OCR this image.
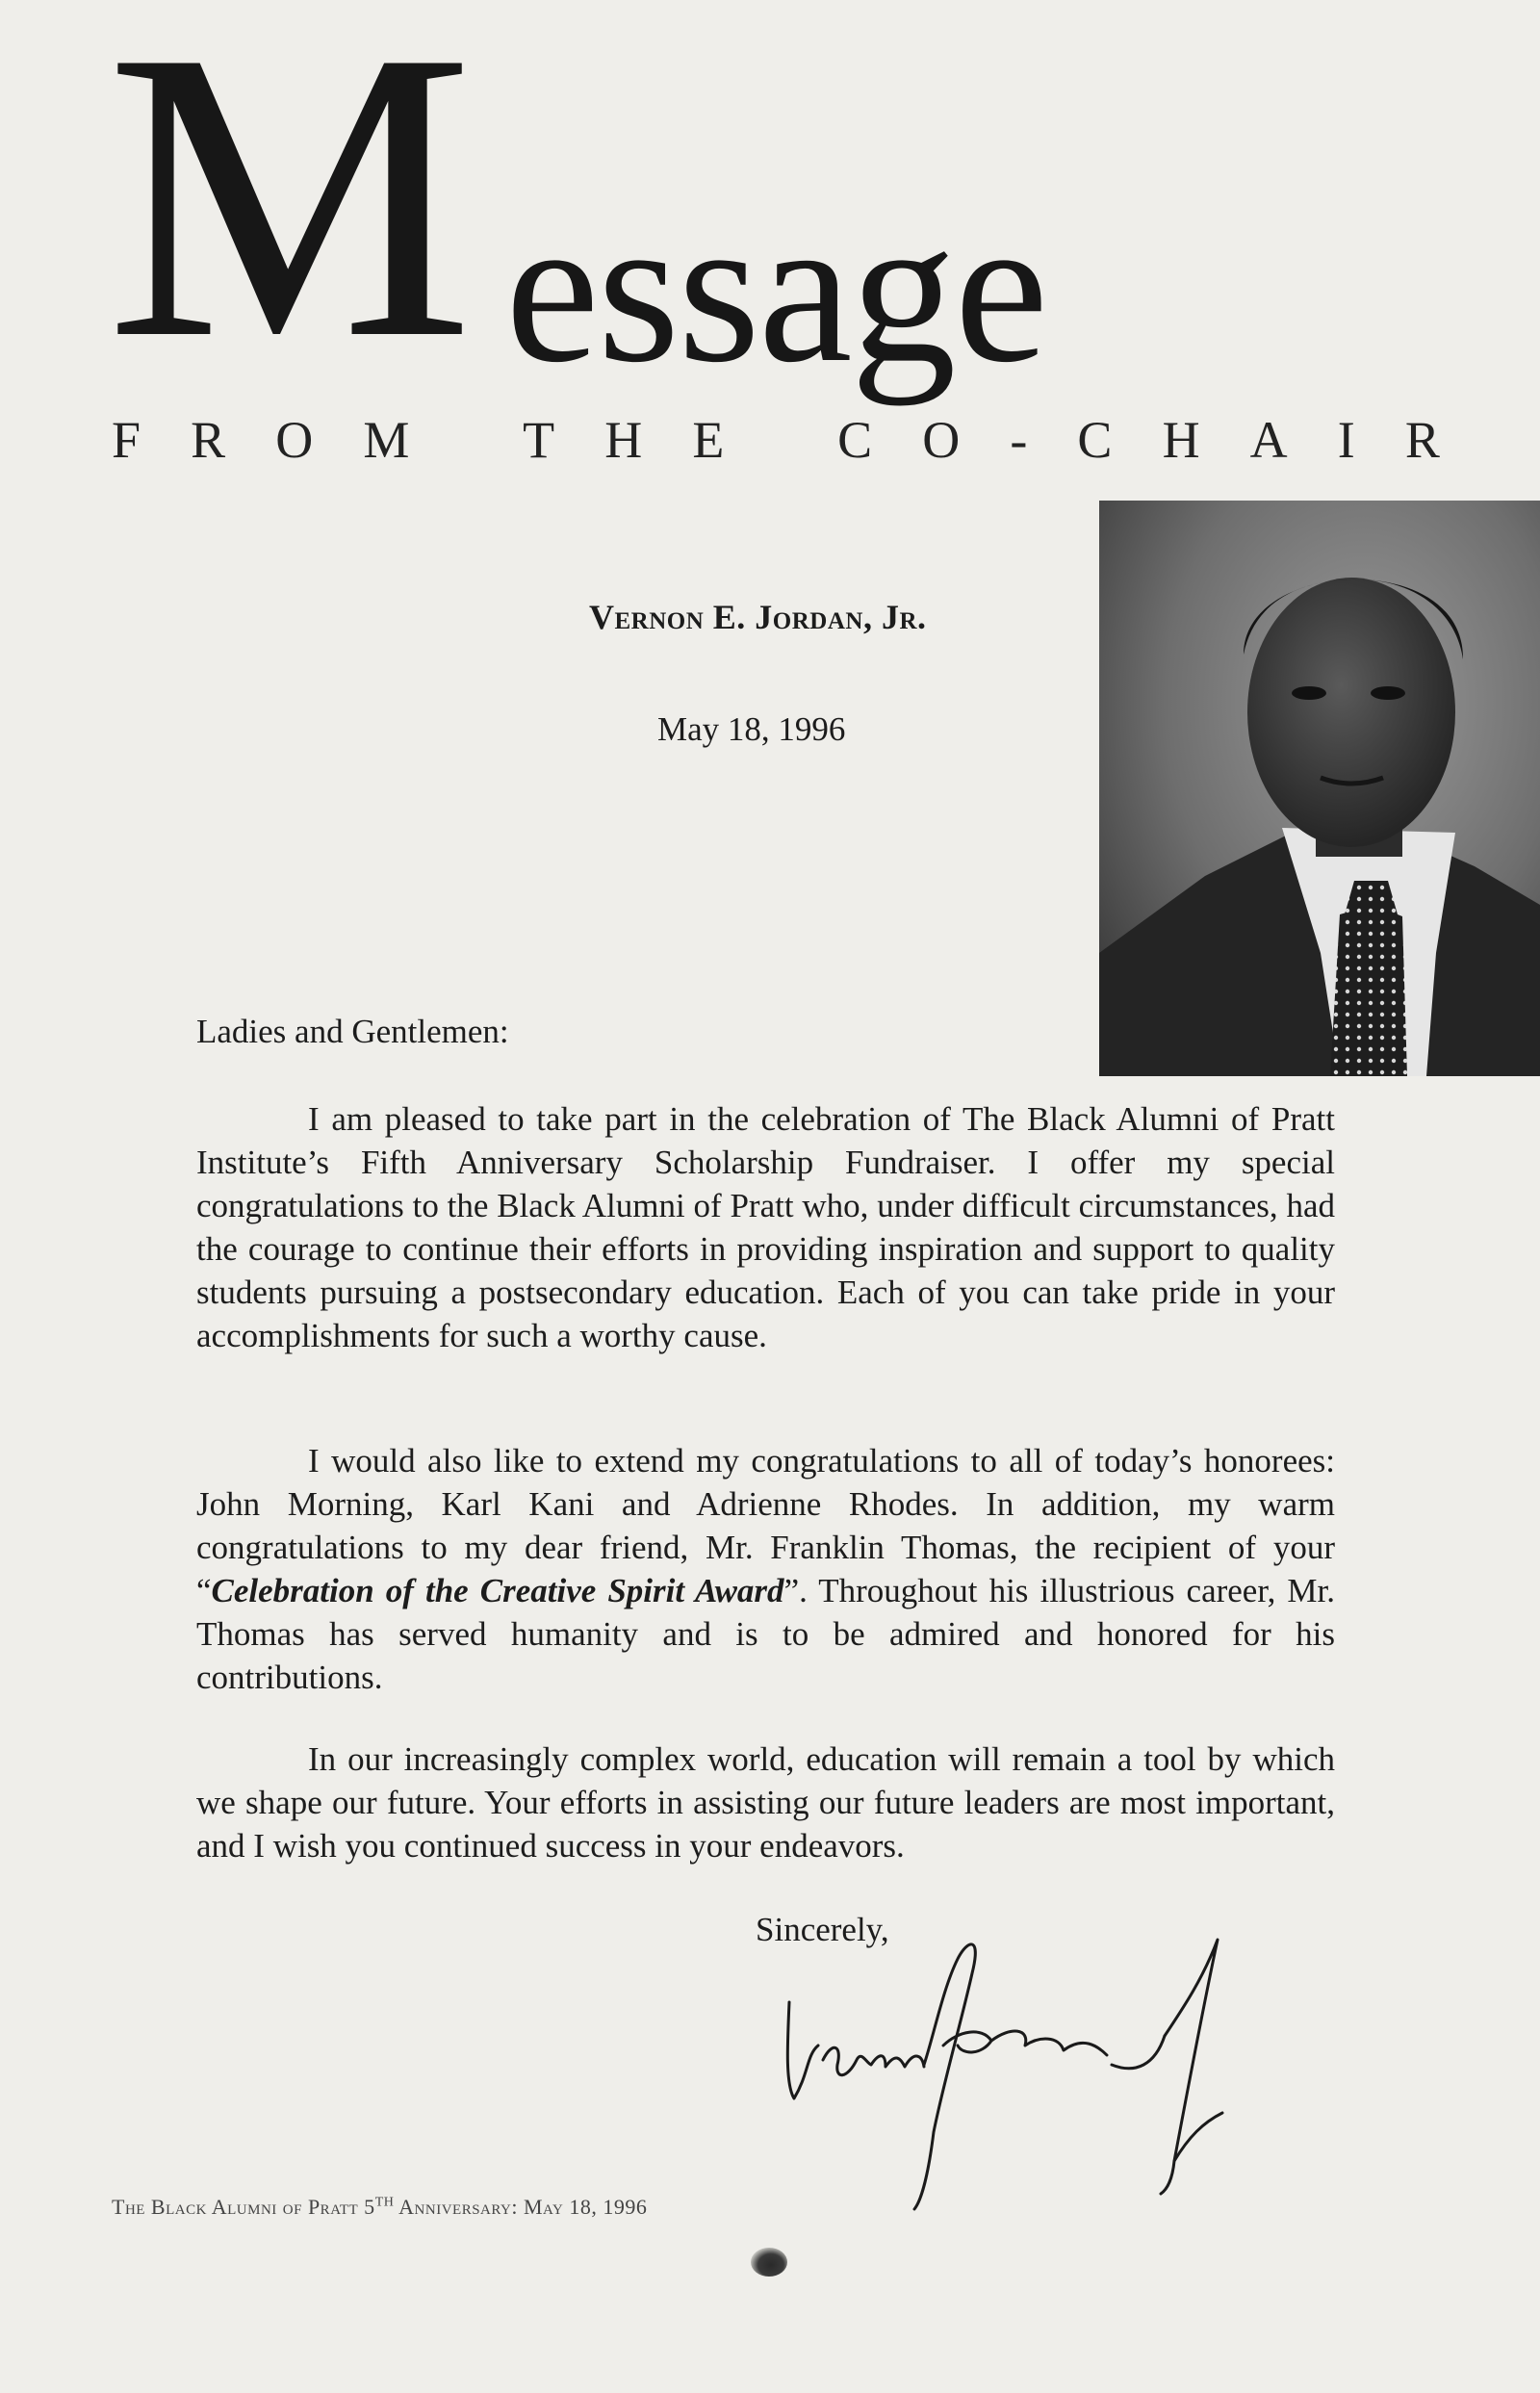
M essage
F R O M
T H E
C O - C H A I R
Vernon E. Jordan, Jr.
May 18, 1996
Ladies and Gentlemen:

I am pleased to take part in the celebration of The Black Alumni of Pratt Institute’s Fifth Anniversary Scholarship Fundraiser. I offer my special congratulations to the Black Alumni of Pratt who, under difficult circumstances, had the courage to continue their efforts in providing inspiration and support to quality students pursuing a postsecondary education. Each of you can take pride in your accomplishments for such a worthy cause.

I would also like to extend my congratulations to all of today’s honorees: John Morning, Karl Kani and Adrienne Rhodes. In addition, my warm congratulations to my dear friend, Mr. Franklin Thomas, the recipient of your “Celebration of the Creative Spirit Award”. Throughout his illustrious career, Mr. Thomas has served humanity and is to be admired and honored for his contributions.

In our increasingly complex world, education will remain a tool by which we shape our future. Your efforts in assisting our future leaders are most important, and I wish you continued success in your endeavors.

Sincerely,
The Black Alumni of Pratt 5TH Anniversary: May 18, 1996
